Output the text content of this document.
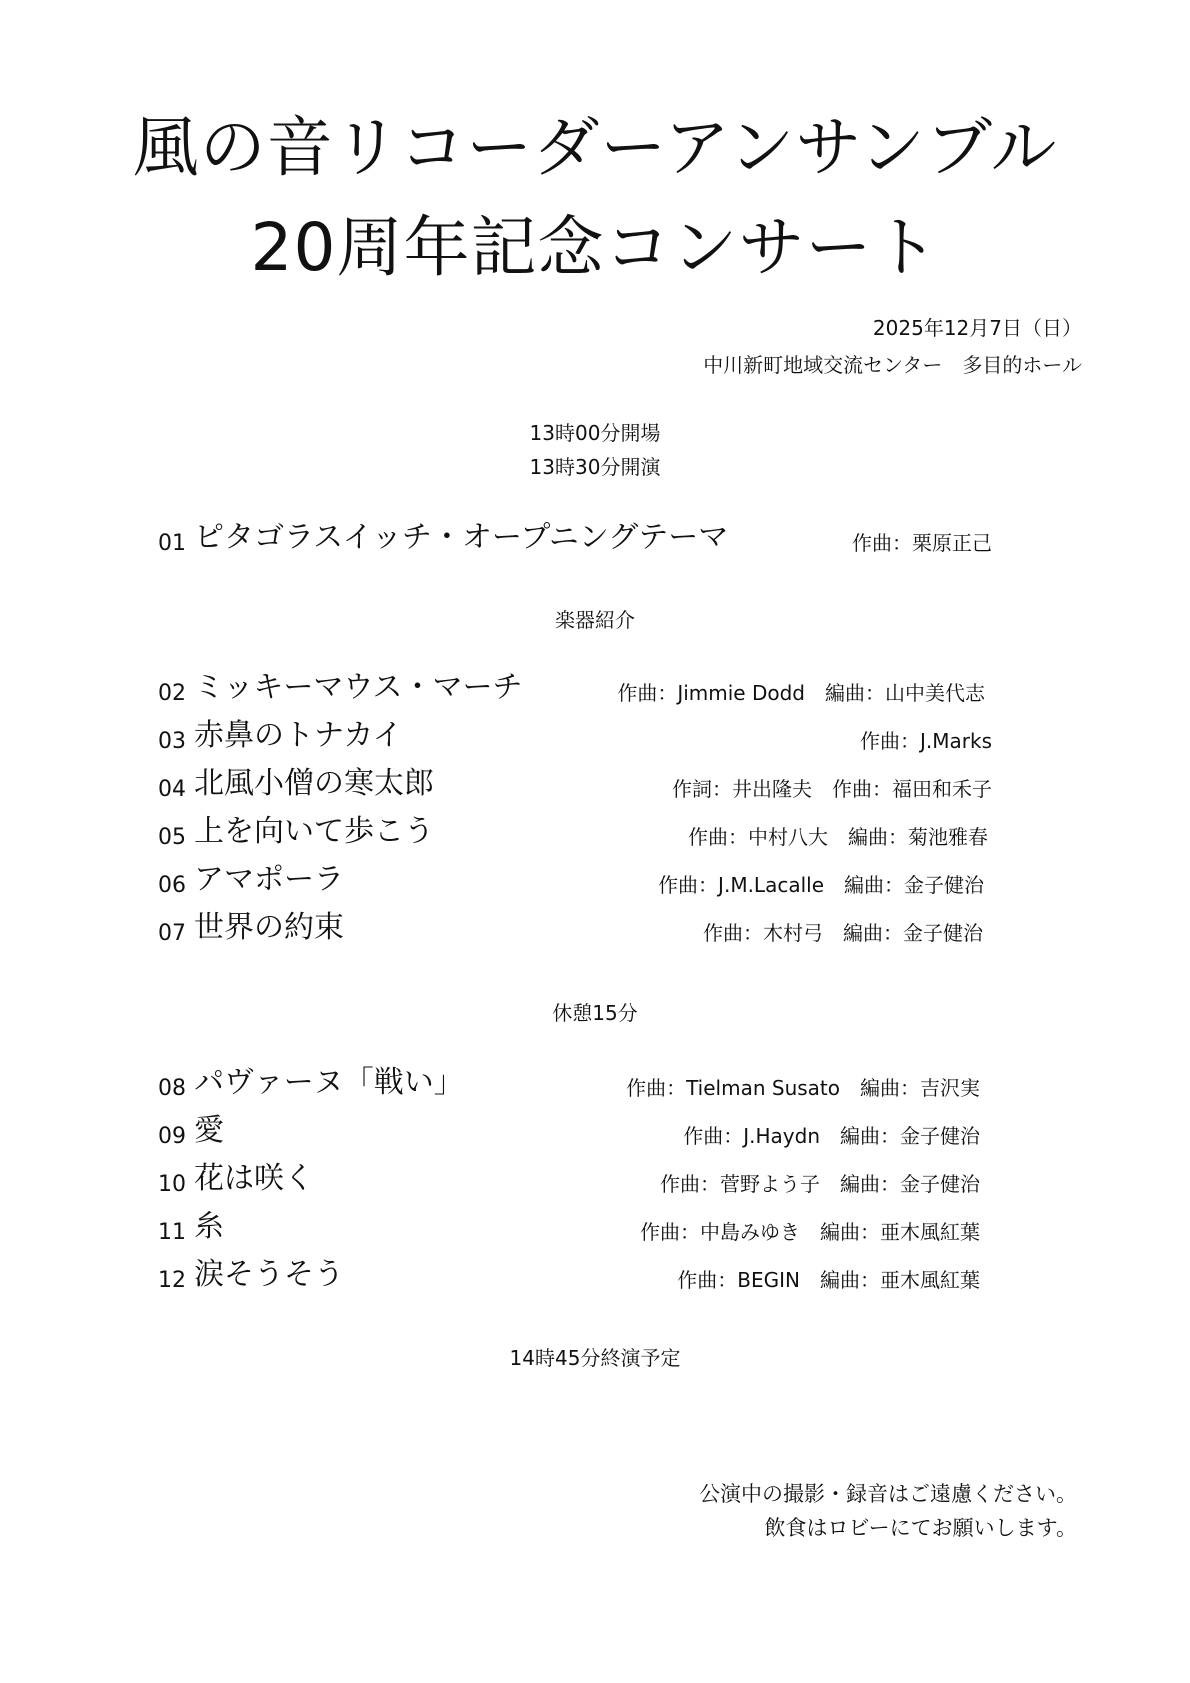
風の音リコーダーアンサンブル
20周年記念コンサート
2025年12月7日（日）
中川新町地域交流センター　多目的ホール
13時00分開場
13時30分開演
01 ピタゴラスイッチ・オープニングテーマ	作曲：栗原正己
楽器紹介
02 ミッキーマウス・マーチ	作曲：Jimmie Dodd　編曲：山中美代志
03 赤鼻のトナカイ	作曲：J.Marks
04 北風小僧の寒太郎	作詞：井出隆夫　作曲：福田和禾子
05 上を向いて歩こう	作曲：中村八大　編曲：菊池雅春
06 アマポーラ	作曲：J.M.Lacalle　編曲：金子健治
07 世界の約束	作曲：木村弓　編曲：金子健治
休憩15分
08 パヴァーヌ「戦い」	作曲：Tielman Susato　編曲：吉沢実
09 愛	作曲：J.Haydn　編曲：金子健治
10 花は咲く	作曲：菅野よう子　編曲：金子健治
11 糸	作曲：中島みゆき　編曲：亜木風紅葉
12 涙そうそう	作曲：BEGIN　編曲：亜木風紅葉
14時45分終演予定
公演中の撮影・録音はご遠慮ください。
飲食はロビーにてお願いします。
